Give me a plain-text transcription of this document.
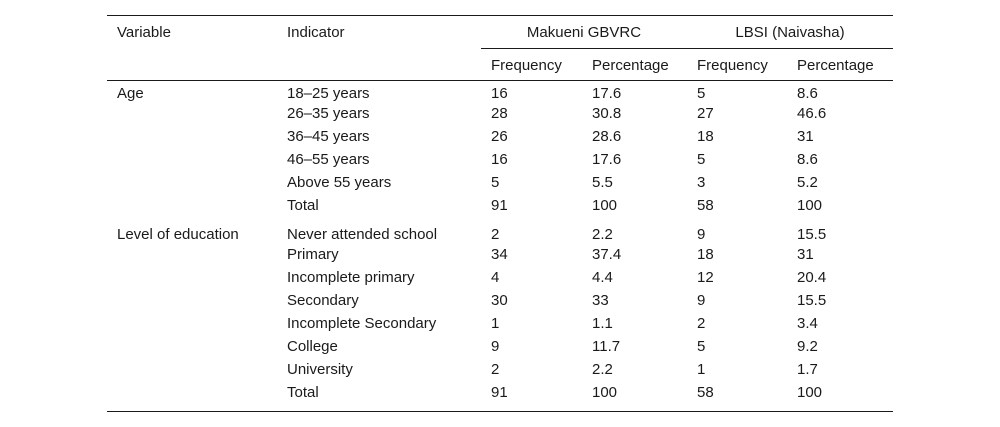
Variable	Indicator	Makueni GBVRC		LBSI (Naivasha)	
		Frequency	Percentage	Frequency	Percentage
Age	18–25 years	16	17.6	5	8.6
	26–35 years	28	30.8	27	46.6
	36–45 years	26	28.6	18	31
	46–55 years	16	17.6	5	8.6
	Above 55 years	5	5.5	3	5.2
	Total	91	100	58	100
Level of education	Never attended school	2	2.2	9	15.5
	Primary	34	37.4	18	31
	Incomplete primary	4	4.4	12	20.4
	Secondary	30	33	9	15.5
	Incomplete Secondary	1	1.1	2	3.4
	College	9	11.7	5	9.2
	University	2	2.2	1	1.7
	Total	91	100	58	100
